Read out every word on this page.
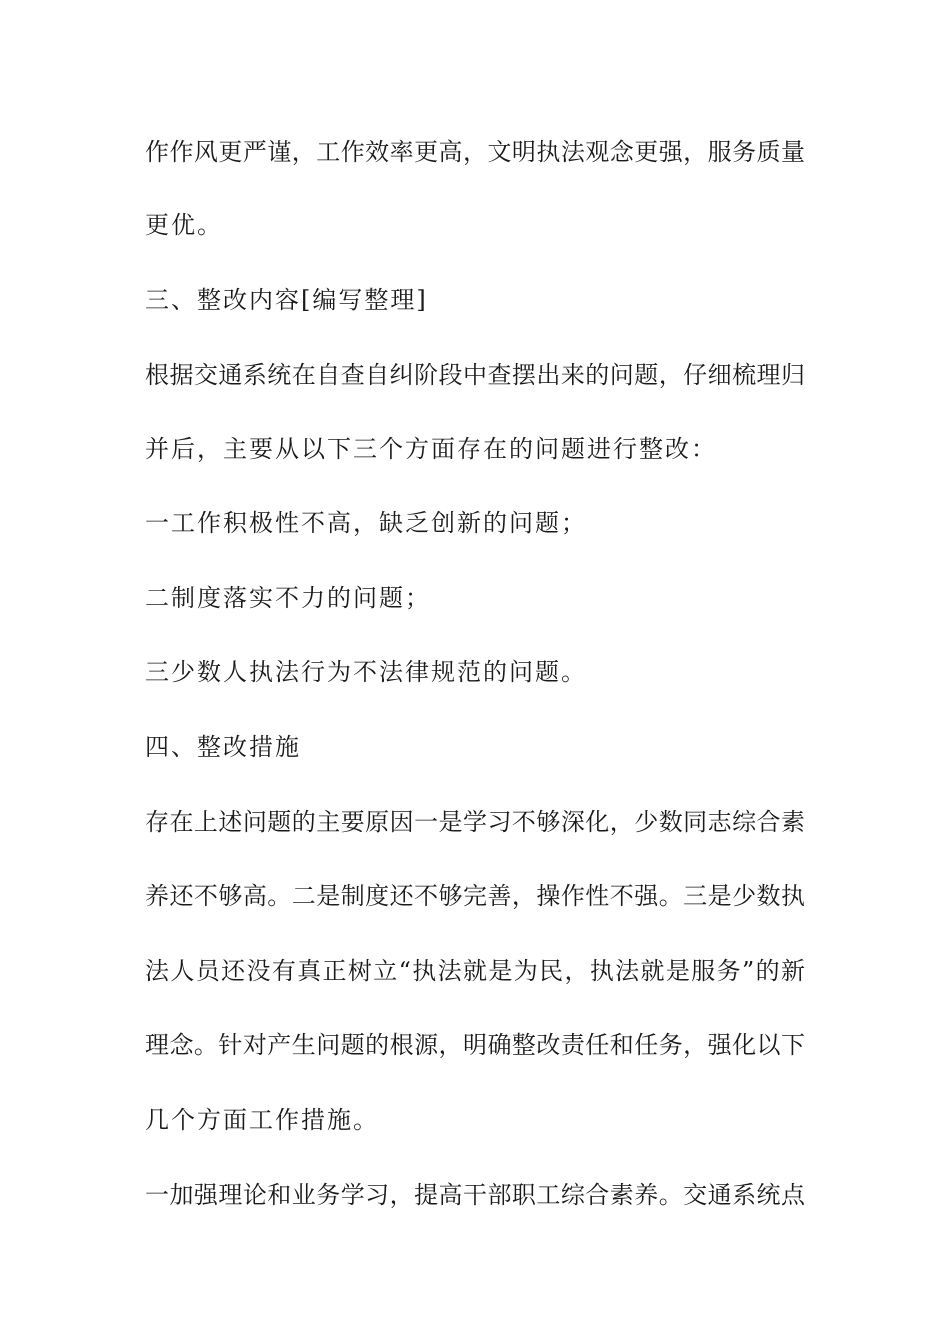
作作风更严谨，工作效率更高，文明执法观念更强，服务质量
更优。
三、整改内容[编写整理]
根据交通系统在自查自纠阶段中查摆出来的问题，仔细梳理归
并后，主要从以下三个方面存在的问题进行整改：
一工作积极性不高，缺乏创新的问题；
二制度落实不力的问题；
三少数人执法行为不法律规范的问题。
四、整改措施
存在上述问题的主要原因一是学习不够深化，少数同志综合素
养还不够高。二是制度还不够完善，操作性不强。三是少数执
法人员还没有真正树立“执法就是为民，执法就是服务”的新
理念。针对产生问题的根源，明确整改责任和任务，强化以下
几个方面工作措施。
一加强理论和业务学习，提高干部职工综合素养。交通系统点
